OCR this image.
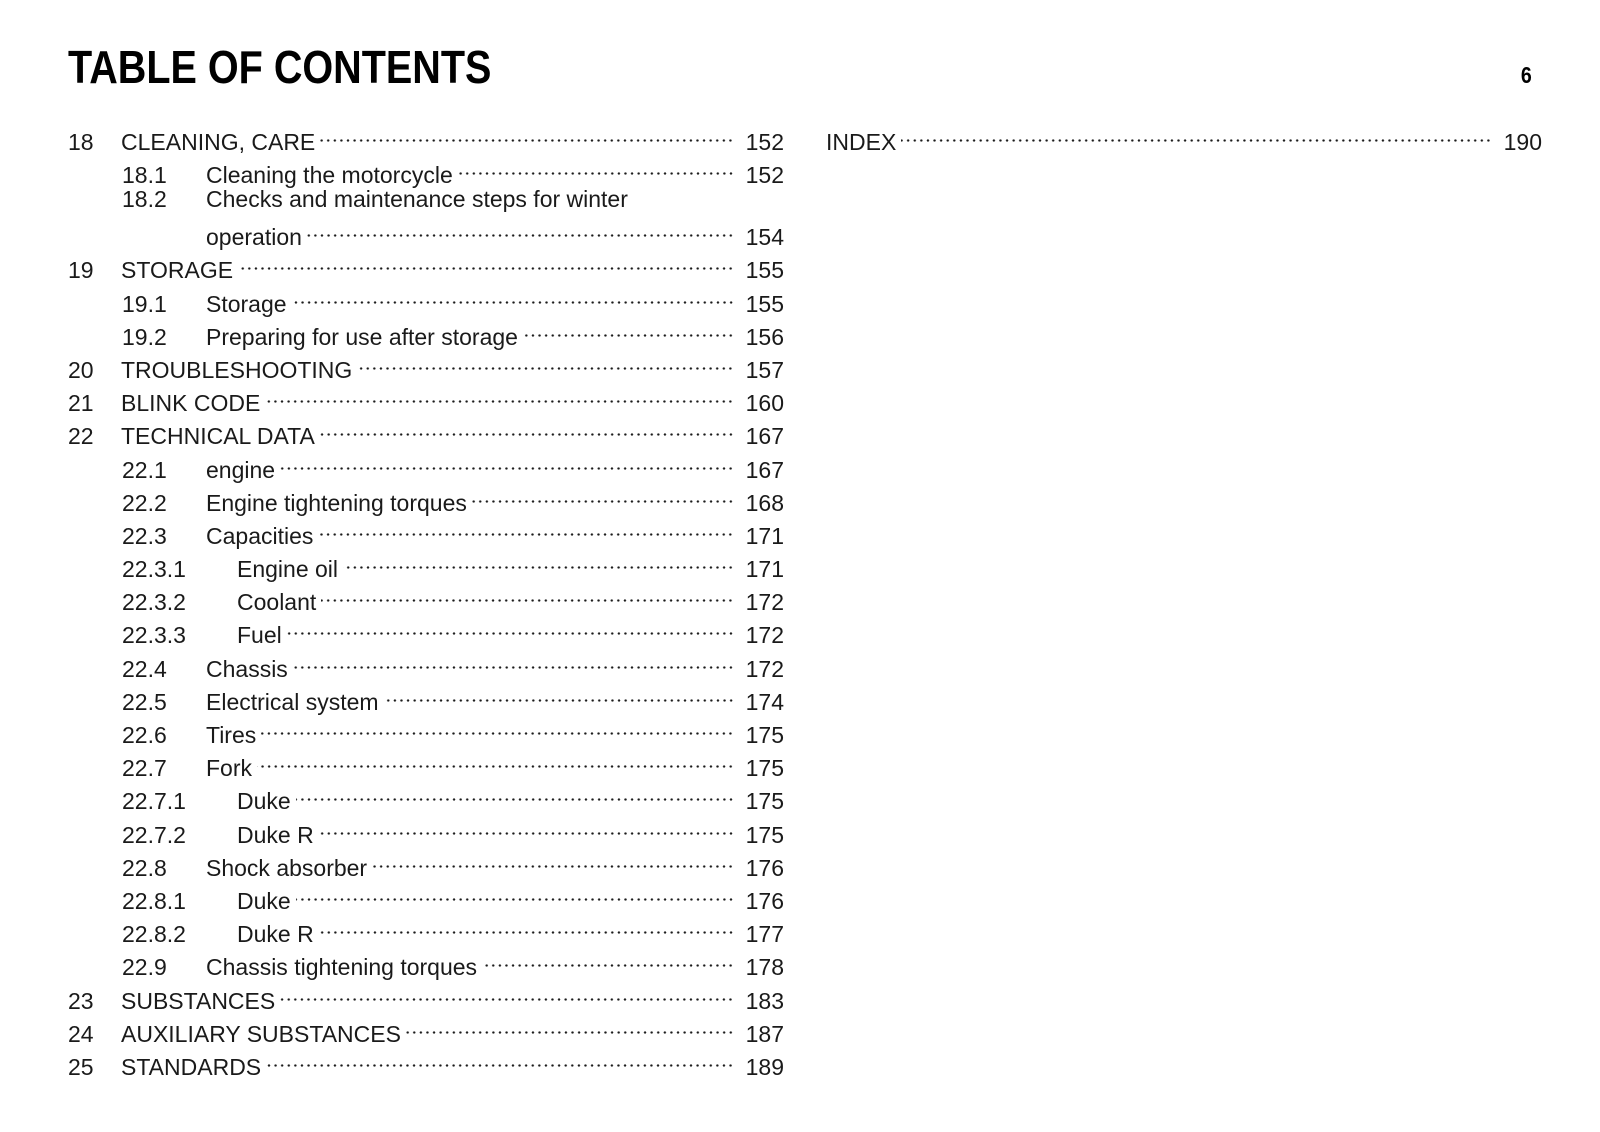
TABLE OF CONTENTS	6
18	CLEANING, CARE	152
18.1	Cleaning the motorcycle	152
18.2	Checks and maintenance steps for winter
operation	154
19	STORAGE	155
19.1	Storage	155
19.2	Preparing for use after storage	156
20	TROUBLESHOOTING	157
21	BLINK CODE	160
22	TECHNICAL DATA	167
22.1	engine	167
22.2	Engine tightening torques	168
22.3	Capacities	171
22.3.1	Engine oil	171
22.3.2	Coolant	172
22.3.3	Fuel	172
22.4	Chassis	172
22.5	Electrical system	174
22.6	Tires	175
22.7	Fork	175
22.7.1	Duke	175
22.7.2	Duke R	175
22.8	Shock absorber	176
22.8.1	Duke	176
22.8.2	Duke R	177
22.9	Chassis tightening torques	178
23	SUBSTANCES	183
24	AUXILIARY SUBSTANCES	187
25	STANDARDS	189
INDEX	190
